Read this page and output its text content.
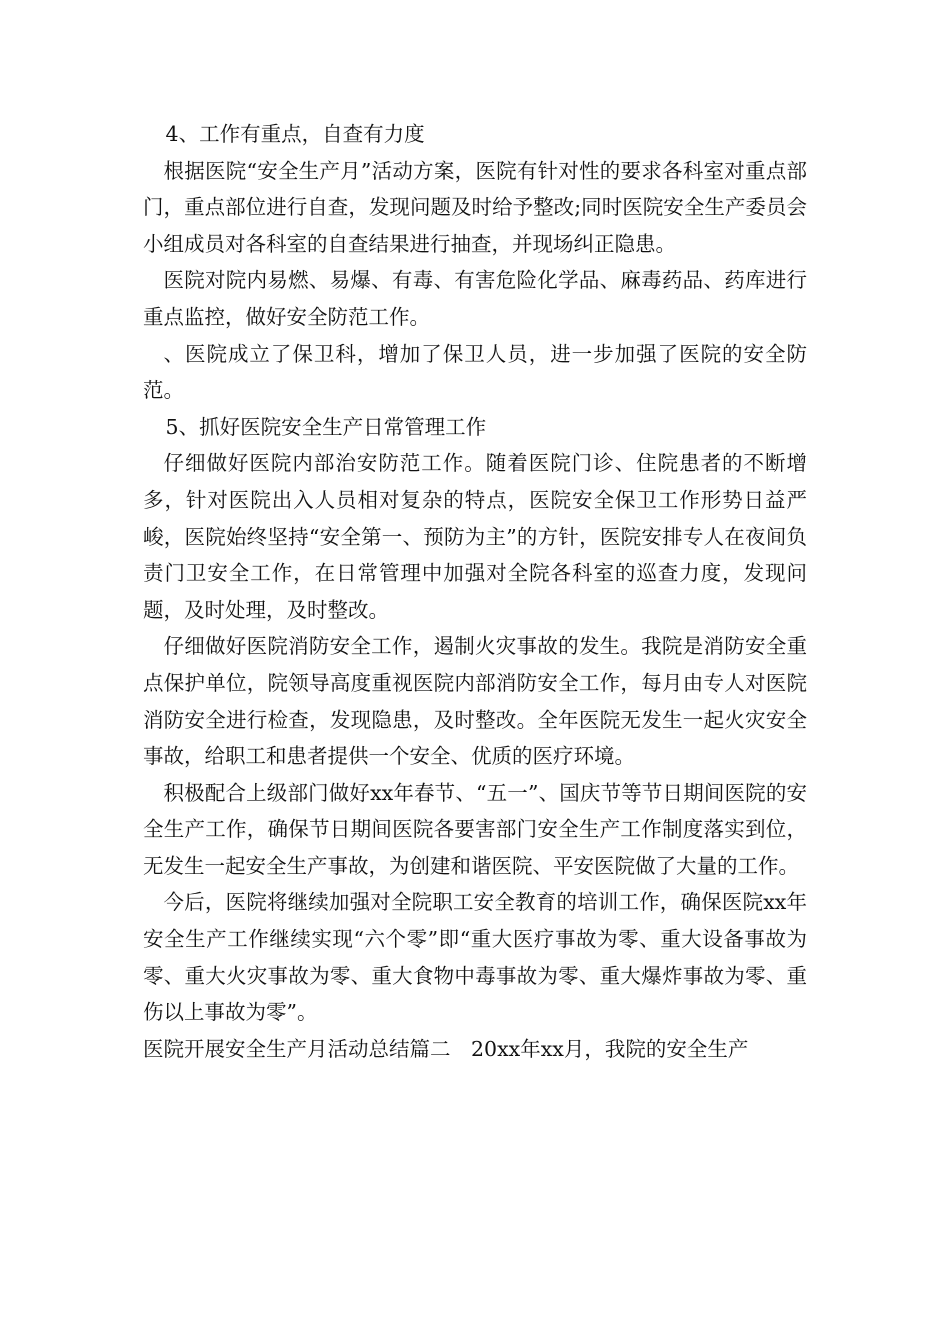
4、工作有重点，自查有力度

根据医院“安全生产月”活动方案，医院有针对性的要求各科室对重点部门，重点部位进行自查，发现问题及时给予整改;同时医院安全生产委员会小组成员对各科室的自查结果进行抽查，并现场纠正隐患。

医院对院内易燃、易爆、有毒、有害危险化学品、麻毒药品、药库进行重点监控，做好安全防范工作。

、医院成立了保卫科，增加了保卫人员，进一步加强了医院的安全防范。

5、抓好医院安全生产日常管理工作

仔细做好医院内部治安防范工作。随着医院门诊、住院患者的不断增多，针对医院出入人员相对复杂的特点，医院安全保卫工作形势日益严峻，医院始终坚持“安全第一、预防为主”的方针，医院安排专人在夜间负责门卫安全工作，在日常管理中加强对全院各科室的巡查力度，发现问题，及时处理，及时整改。

仔细做好医院消防安全工作，遏制火灾事故的发生。我院是消防安全重点保护单位，院领导高度重视医院内部消防安全工作，每月由专人对医院消防安全进行检查，发现隐患，及时整改。全年医院无发生一起火灾安全事故，给职工和患者提供一个安全、优质的医疗环境。

积极配合上级部门做好xx年春节、“五一”、国庆节等节日期间医院的安全生产工作，确保节日期间医院各要害部门安全生产工作制度落实到位，无发生一起安全生产事故，为创建和谐医院、平安医院做了大量的工作。

今后，医院将继续加强对全院职工安全教育的培训工作，确保医院xx年安全生产工作继续实现“六个零”即“重大医疗事故为零、重大设备事故为零、重大火灾事故为零、重大食物中毒事故为零、重大爆炸事故为零、重伤以上事故为零”。

医院开展安全生产月活动总结篇二　20xx年xx月，我院的安全生产
